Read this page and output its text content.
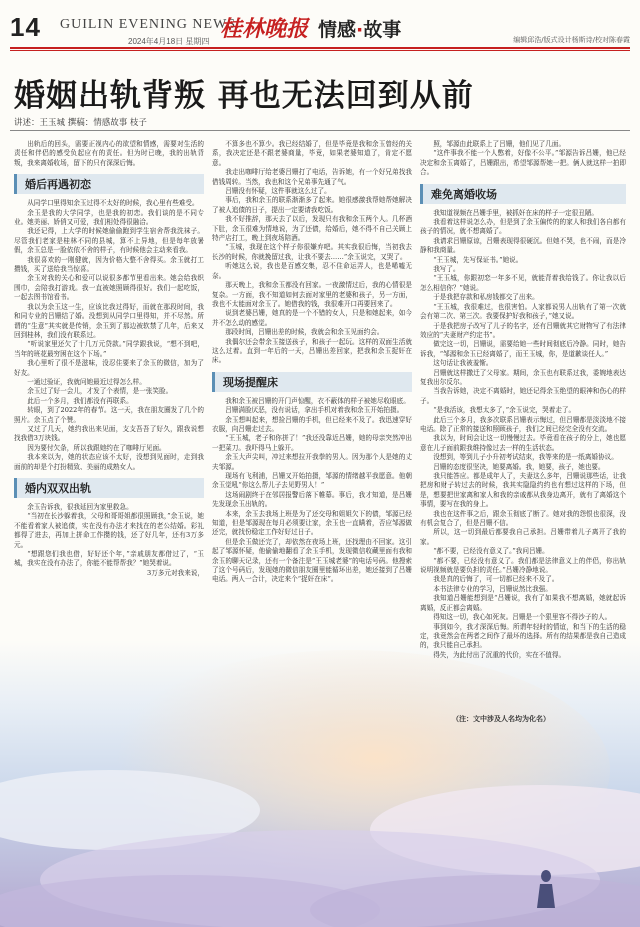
14 GUILIN EVENING NEWS
2024年4月18日 星期四 桂林晚报 情感·故事	编辑邱浩/版式设计杨斯诗/校对陈春霞
婚姻出轨背叛 再也无法回到从前
讲述：王玉城 撰稿：情感故事 枝子

出轨后的回头，需要正视内心的欲望和情感，需要对生活的责任和伴侣的感受负起应有的责任。但为时已晚，我的出轨背叛，我来离婚收场，留下的只有深深后悔。

婚后再遇初恋

从同学口里得知余玉过得不太好的时候，我心里有些难受。

余玉是我的大学同学，也是我的初恋。我们谈的是不同专业。她美丽、娇俏又可爱，我们相处得很融洽。

我还记得，上大学的时候她偷偷跑到学生宿舍帮我洗袜子。尽管我们老家是桂林不同的县城，算不上异地，但是每年放暑假，余玉总是一脸依依不舍的样子，有时候他会主动来看我。

我很喜欢的一刚健就，因为价格大整不舍得买。余玉就打工攒钱，买了送给我当惊喜。

余玉对我的关心和爱可以说很多都节里看出来。她会给我织围巾，会陪我打游戏。我一直被她照顾得很好。我们一起吃饭，一起去图书馆看书。

我以为余玉这一生，应该比我过得好，而就在那段时间，我和同专业的吕姗结了婚。没想到从同学口里得知，并不尽然。所谓的“生意”其实就是传销，余玉到了那边被软禁了几年，后来又回到桂林，我们没有联系过。

“听说家里还欠了十几万元贷款。”同学跟我说，“想不到吧，当年的班花最穷困在这个下场。”

我心里听了很不是滋味，没忍住要来了余玉的微信，加为了好友。

一通过验证，我就问她最近过得怎么样。

余玉过了好一会儿，才发了个表情，是一张笑脸。

此后一个多月，我们都没有再联系。

转眼，到了2022年的春节。这一天，我在朋友圈发了几个的照片。余玉点了个赞。

又过了几天，她约我出来见面，支支吾吾了好久，跟我说想找我借3万块钱。

因为要付欠条，所以我跟她约在了咖啡厅见面。

我本来以为，她的状态应该不太好，没想到见面时，走到我面前的却是个打扮精致、美丽的成熟女人。

婚内双双出轨

余玉告诉我，很我延回为家里救急。

“当初在长沙躲着我，父母和哥哥姐都很照顾我，”余玉说，她不能看着家人被追债，实在没有办法才来找在的老公结婚。彩礼都得了进去，再加上拼命工作攒的钱，还了好几年，还有3万多元。

“想跟您们我也借，好好还个年，”亲戚朋友都借过了，“玉城，我实在没有办法了，你能不能帮帮我？”她哭着说。

3万多元对我来说，

不算多也不算少。我已经结婚了，但是毕竟是我和余玉曾经的关系，我决定还是不跟老婆商量，毕竟，如果老婆知道了，肯定不愿意。

我走出咖啡厅给老婆吕姗打了电话，告诉她，有一个好兄弟找我借钱周转。当然，我也和这个兄弟事先通了气。

吕姗没有怀疑，这件事就这么过了。

事后，我和余玉的联系渐渐多了起来。她很感激我帮她帮她解决了被人追债的日子，提出一定要请我吃饭。

我不好推辞，那天去了以后，发现只有我和余玉两个人。几杯酒下肚，余玉很难为情地说，为了还债，给婚后，她不得不自己关顾上特产店打工，晚上到夜场陪酒。

“玉城，我现在这个样子你很嫌弃吧。其实我很后悔，当初我去长沙的时候，你就挽留过我，让我不要去……”余玉说完，又哭了。

听她这么说，我也是百感交集，忍不住命运弄人，也是唏嘘无奈。

那天晚上，我和余玉都没有回家。一夜激情过后，我的心情很是复杂。一方面，我不知道如何去面对家里的老婆和孩子，另一方面，我也不太能面对余玉了。她借我的钱，我很难开口再要回来了。

说到老婆吕姗，她真的是一个不错的女人，只是和她起来，如今并不怎么动的感觉。

那段时间，吕姗出差的时候，我就会和余玉见面约会。

我偶尔还会带余玉接送孩子，和孩子一起玩。这样的双面生活就这么过着。直到一年后的一天，吕姗出差回家，把我和余玉捉奸在床。

现场提醒床

我和余玉被吕姗的开门声惊醒，衣不蔽体的样子被她尽收眼底。

吕姗满脸厌恶，没有说话，拿出手机对着我和余玉开始拍摄。

余玉想叫起来，想捡吕姗的手机，但已经来不及了。我迅速穿好衣服，向吕姗走过去。

“王玉城，老子和你拼了！”我还没靠近吕姗，她的母亲突然冲出一把菜刀。我吓得马上躲开。

余玉大声尖叫，冲过来想拉开我拳的男人。因为那个人是她的丈夫邹源。

现场有飞利浦，吕姗又开始拍摄，邹源的情绪越平我愿意。他朝余玉觉吼“你这么帮儿子去见野男人！”

这场闹剧终于在邻居报警后落下帷幕。事后，我才知道，是吕姗先发现余玉出轨的。

本来，余玉去我场上班是为了还交母和姐姐欠下的债，邹源已经知道，但是邹源现在每月必须要让家，余玉也一直瞒着，否应邹源做还完，就找份稳定工作好好过日子。

但是余玉做还完了，却依然在夜场上班，还找理由不回家。这引起了邹源怀疑，他偷偷地翻看了余玉手机，发现微信收藏里面有我和余玉的聊天记录，还有一个备注是“王玉城老婆”的电话号码。他搜索了这个号码后，发现她的微信朋友圈里能循环出差，她还接到了吕姗电话。两人一合计，决定来个“捉奸在床”。

照，邹源由此联系上了吕姗，他们见了几面。

“这件事我不能一个人憋着，好像不公平。”邹源告诉吕姗，他已经决定和余玉离婚了，吕姗跟出，希望邹源帮她一把。俩人就这样一拍即合。

难免离婚收场

我知道视频在吕姗手里，被抓奸在床的样子一定很丑陋。

我看着这样说怎么办，但是到了余玉偏传的的家人和我们各自都有孩子的情况，就不想离婚了。

我请求吕姗原谅，吕姗表现得很硬沉。但她不哭，也不闹，而是冷静和我商量。

“王玉城，先写保证书。”她说。

我写了。

“王玉城，你跟初恋一年多不见，就能背着我给钱了。你让我以后怎么相信你？”她说。

于是我把存款和私房钱都交了出来。

“王玉城，我很难过，也很害怕。人家都说男人出轨有了第一次就会有第二次、第三次。我要保护好我和孩子，”她又说。

于是我把房子改写了儿子的名字，还有吕姗就其它财物写了有法律效应的“夫妻财产约定书”。

做完这一切，吕姗说，需要给她一些时间彻底后冷静。同时，她告诉我，“邹源和余玉已经离婚了，而王玉城，你，是道歉谈任人。”

这句话让我被羞惭。

吕姗就这样撒迁了父母家。期间，余玉也有联系过我，委婉地表达复我出尔反尔。

当我告诉她，决定不离婚时，她还记得余玉绝望的眼神和伤心的样子。

“是我活该，我想太多了，”余玉说完，哭着走了。

此后三个多月，我多次联系吕姗表示悔过，但吕姗都是淡淡地不接电话。除了正常的接送和照顾孩子，我们之间已经完全没有交流。

我以为，时间会让这一切慢慢过去。毕竟看在孩子的分上，她也愿意在儿子面前跟我维持像过去一样的生活状态。

没想到，等到儿子小升初考试结束，我等来的是一纸离婚协议。

吕姗的态度很坚决，她要离婚。我，她要，孩子，她也要。

我只能答应。都是成年人了，夫妻这么多年，吕姗说那些话，让我把房和财子转过去的时候，我其实隐隐约约也有想过这样的下场，但是，想要把世家离和家人和我的亲戚都从我身边离开，就有了离婚这个事情，要写在我的身上。

我也在这件事之后，跟余玉彻底了断了。她对我的怨恨也很深，没有机会复合了，但是吕姗不信。

所以，这一切到最后都要我自己承担。吕姗带着儿子离开了我的家。

“都不要，已经没有意义了。”我问吕姗。

“都不要，已经没有意义了。我们都是法律意义上的伴侣，你出轨说明视频就是要负担的责任。”吕姗冷静地说。

我是真的后悔了，可一切都已经来不及了。

本书法律专业的学习，吕姗说然比我强。

我知道吕姗能想到是“吕姗说，我有了如果我不想离婚，她就起诉离婚，反正都会离婚。

得知这一切，我心如死灰。吕姗是一个狠里容不得沙子的人。

事到如今，我才深深后悔。所谓年轻时的情谊，和当下的生活的稳定，我竟然会在两者之间作了最坏的选择。所有的结果都是我自己造成的，我只能自己承担。

得失，为此付出了沉重的代价，实在不值得。

（注：文中涉及人名均为化名）
